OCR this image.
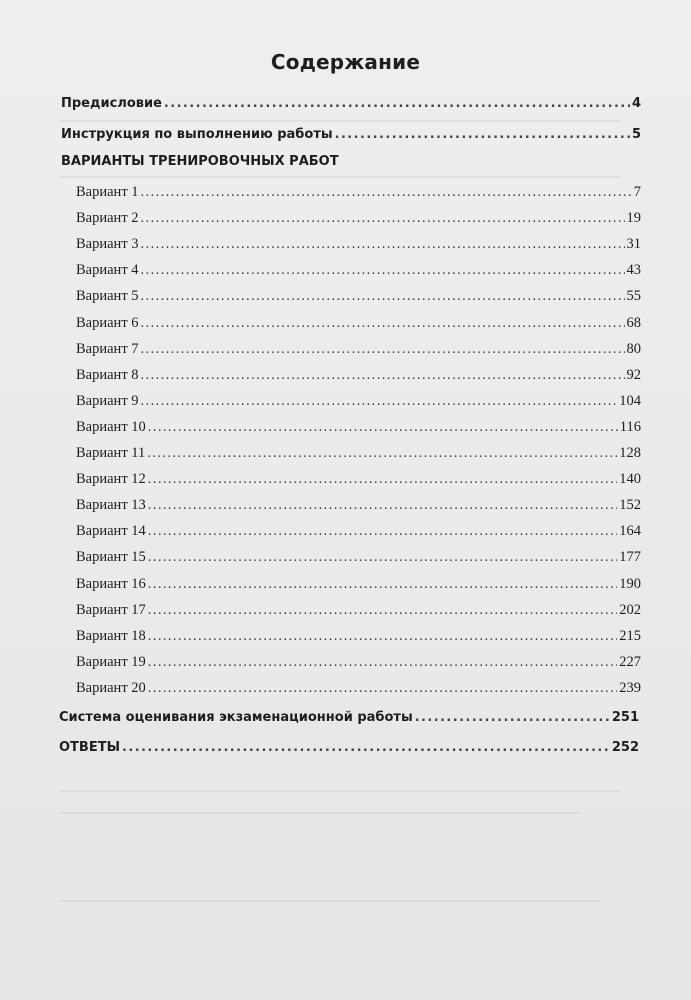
Содержание
Предисловие .....	4
Инструкция по выполнению работы .....	5
ВАРИАНТЫ ТРЕНИРОВОЧНЫХ РАБОТ
Вариант 1 .....	7
Вариант 2 .....	19
Вариант 3 .....	31
Вариант 4 .....	43
Вариант 5 .....	55
Вариант 6 .....	68
Вариант 7 .....	80
Вариант 8 .....	92
Вариант 9 .....	104
Вариант 10 .....	116
Вариант 11 .....	128
Вариант 12 .....	140
Вариант 13 .....	152
Вариант 14 .....	164
Вариант 15 .....	177
Вариант 16 .....	190
Вариант 17 .....	202
Вариант 18 .....	215
Вариант 19 .....	227
Вариант 20 .....	239
Система оценивания экзаменационной работы .....	251
ОТВЕТЫ .....	252
